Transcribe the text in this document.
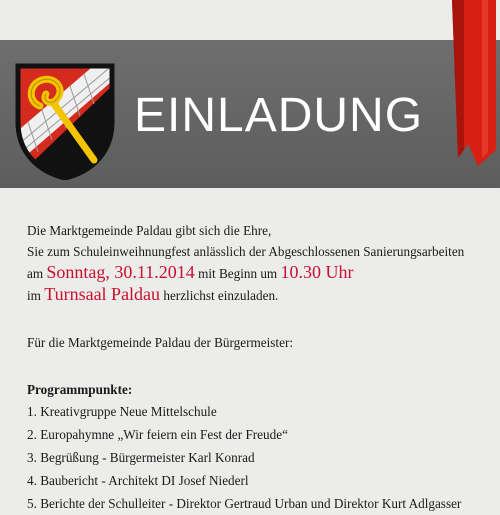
EINLADUNG

Die Marktgemeinde Paldau gibt sich die Ehre,

Sie zum Schuleinweihnungfest anlässlich der Abgeschlossenen Sanierungsarbeiten

am Sonntag, 30.11.2014 mit Beginn um 10.30 Uhr

im Turnsaal Paldau herzlichst einzuladen.

Für die Marktgemeinde Paldau der Bürgermeister:

Programmpunkte:

1. Kreativgruppe Neue Mittelschule
2. Europahymne „Wir feiern ein Fest der Freude“
3. Begrüßung - Bürgermeister Karl Konrad
4. Baubericht - Architekt DI Josef Niederl
5. Berichte der Schulleiter - Direktor Gertraud Urban und Direktor Kurt Adlgasser
